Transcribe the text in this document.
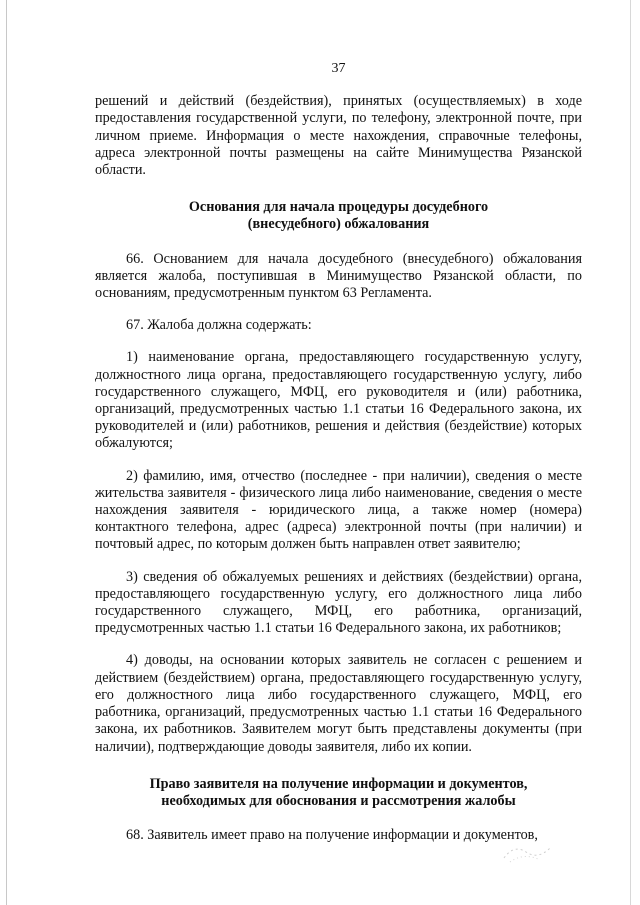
37

решений и действий (бездействия), принятых (осуществляемых) в ходе предоставления государственной услуги, по телефону, электронной почте, при личном приеме. Информация о месте нахождения, справочные телефоны, адреса электронной почты размещены на сайте Минимущества Рязанской области.

Основания для начала процедуры досудебного

(внесудебного) обжалования

66. Основанием для начала досудебного (внесудебного) обжалования является жалоба, поступившая в Минимущество Рязанской области, по основаниям, предусмотренным пунктом 63 Регламента.

67. Жалоба должна содержать:

1) наименование органа, предоставляющего государственную услугу, должностного лица органа, предоставляющего государственную услугу, либо государственного служащего, МФЦ, его руководителя и (или) работника, организаций, предусмотренных частью 1.1 статьи 16 Федерального закона, их руководителей и (или) работников, решения и действия (бездействие) которых обжалуются;

2) фамилию, имя, отчество (последнее - при наличии), сведения о месте жительства заявителя - физического лица либо наименование, сведения о месте нахождения заявителя - юридического лица, а также номер (номера) контактного телефона, адрес (адреса) электронной почты (при наличии) и почтовый адрес, по которым должен быть направлен ответ заявителю;

3) сведения об обжалуемых решениях и действиях (бездействии) органа, предоставляющего государственную услугу, его должностного лица либо государственного служащего, МФЦ, его работника, организаций, предусмотренных частью 1.1 статьи 16 Федерального закона, их работников;

4) доводы, на основании которых заявитель не согласен с решением и действием (бездействием) органа, предоставляющего государственную услугу, его должностного лица либо государственного служащего, МФЦ, его работника, организаций, предусмотренных частью 1.1 статьи 16 Федерального закона, их работников. Заявителем могут быть представлены документы (при наличии), подтверждающие доводы заявителя, либо их копии.

Право заявителя на получение информации и документов,

необходимых для обоснования и рассмотрения жалобы

68. Заявитель имеет право на получение информации и документов,
